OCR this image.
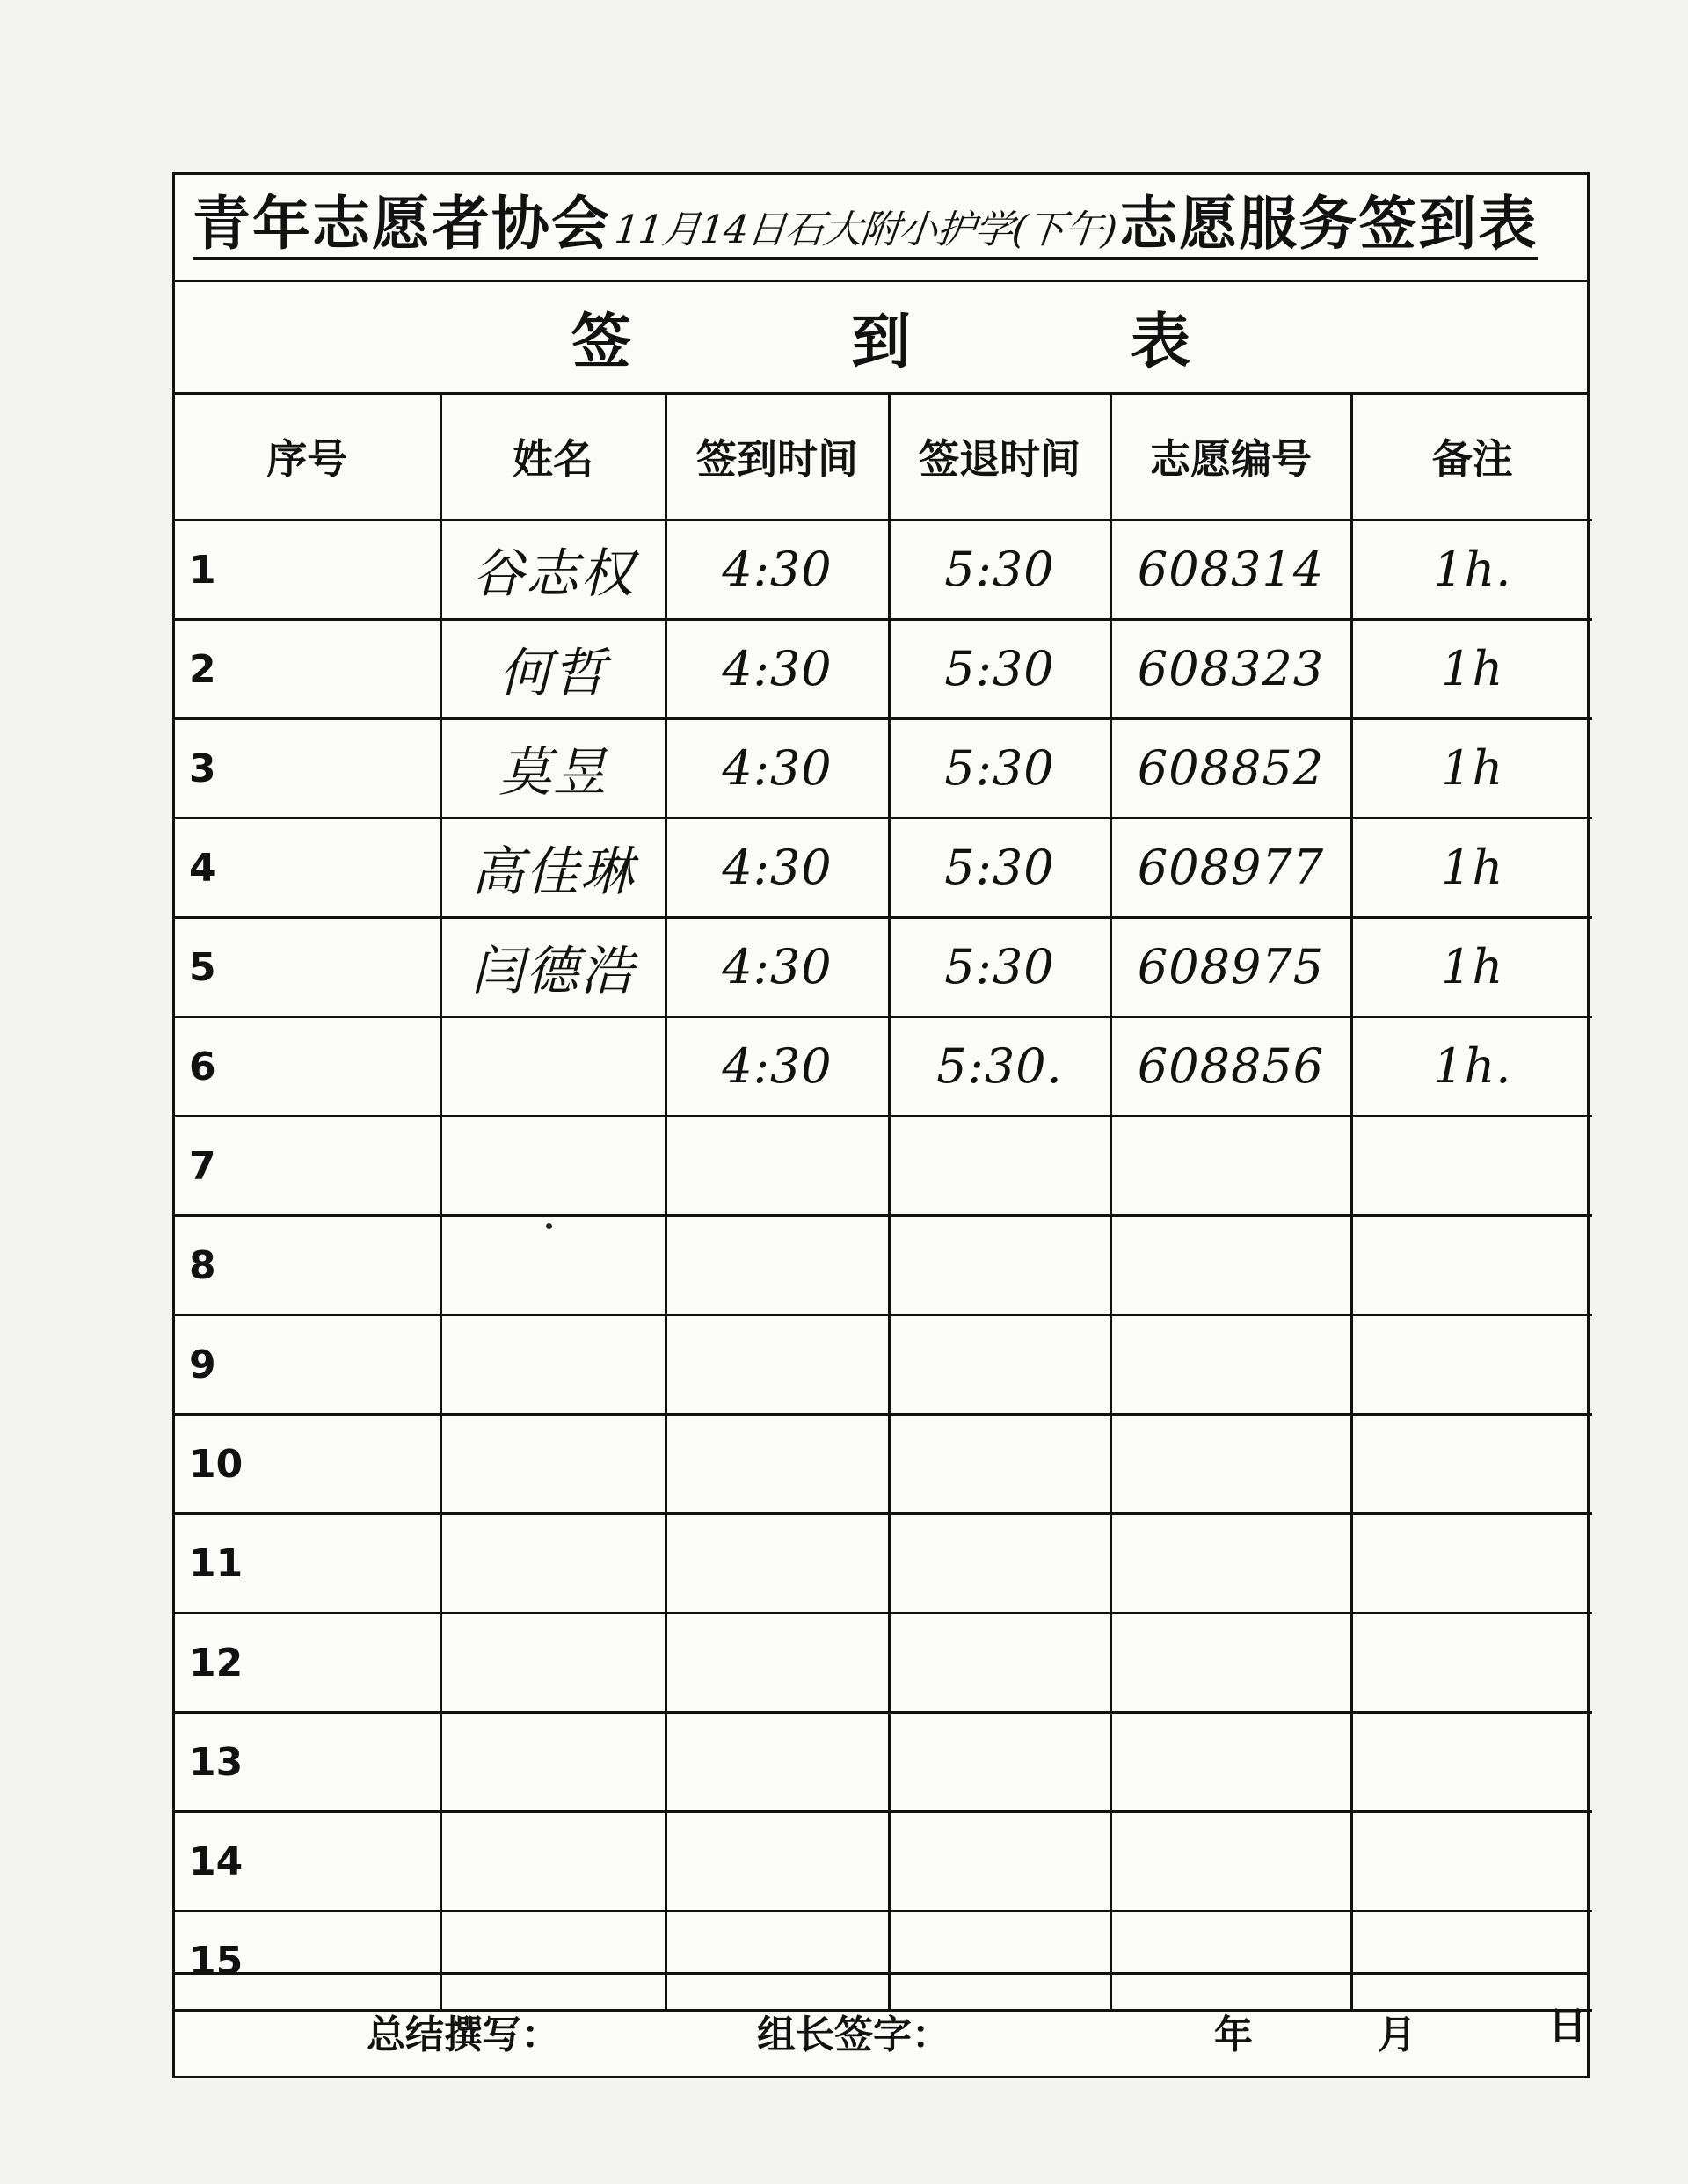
青年志愿者协会 11月14日石大附小护学(下午) 志愿服务签到表
签到表
序号	姓名	签到时间	签退时间	志愿编号	备注
1	谷志权	4:30	5:30	608314	1h.
2	何哲	4:30	5:30	608323	1h
3	莫昱	4:30	5:30	608852	1h
4	高佳琳	4:30	5:30	608977	1h
5	闫德浩	4:30	5:30	608975	1h
6		4:30	5:30.	608856	1h.
7					
8					
9					
10					
11					
12					
13					
14					
15					
总结撰写：	组长签字：	年	月	日
